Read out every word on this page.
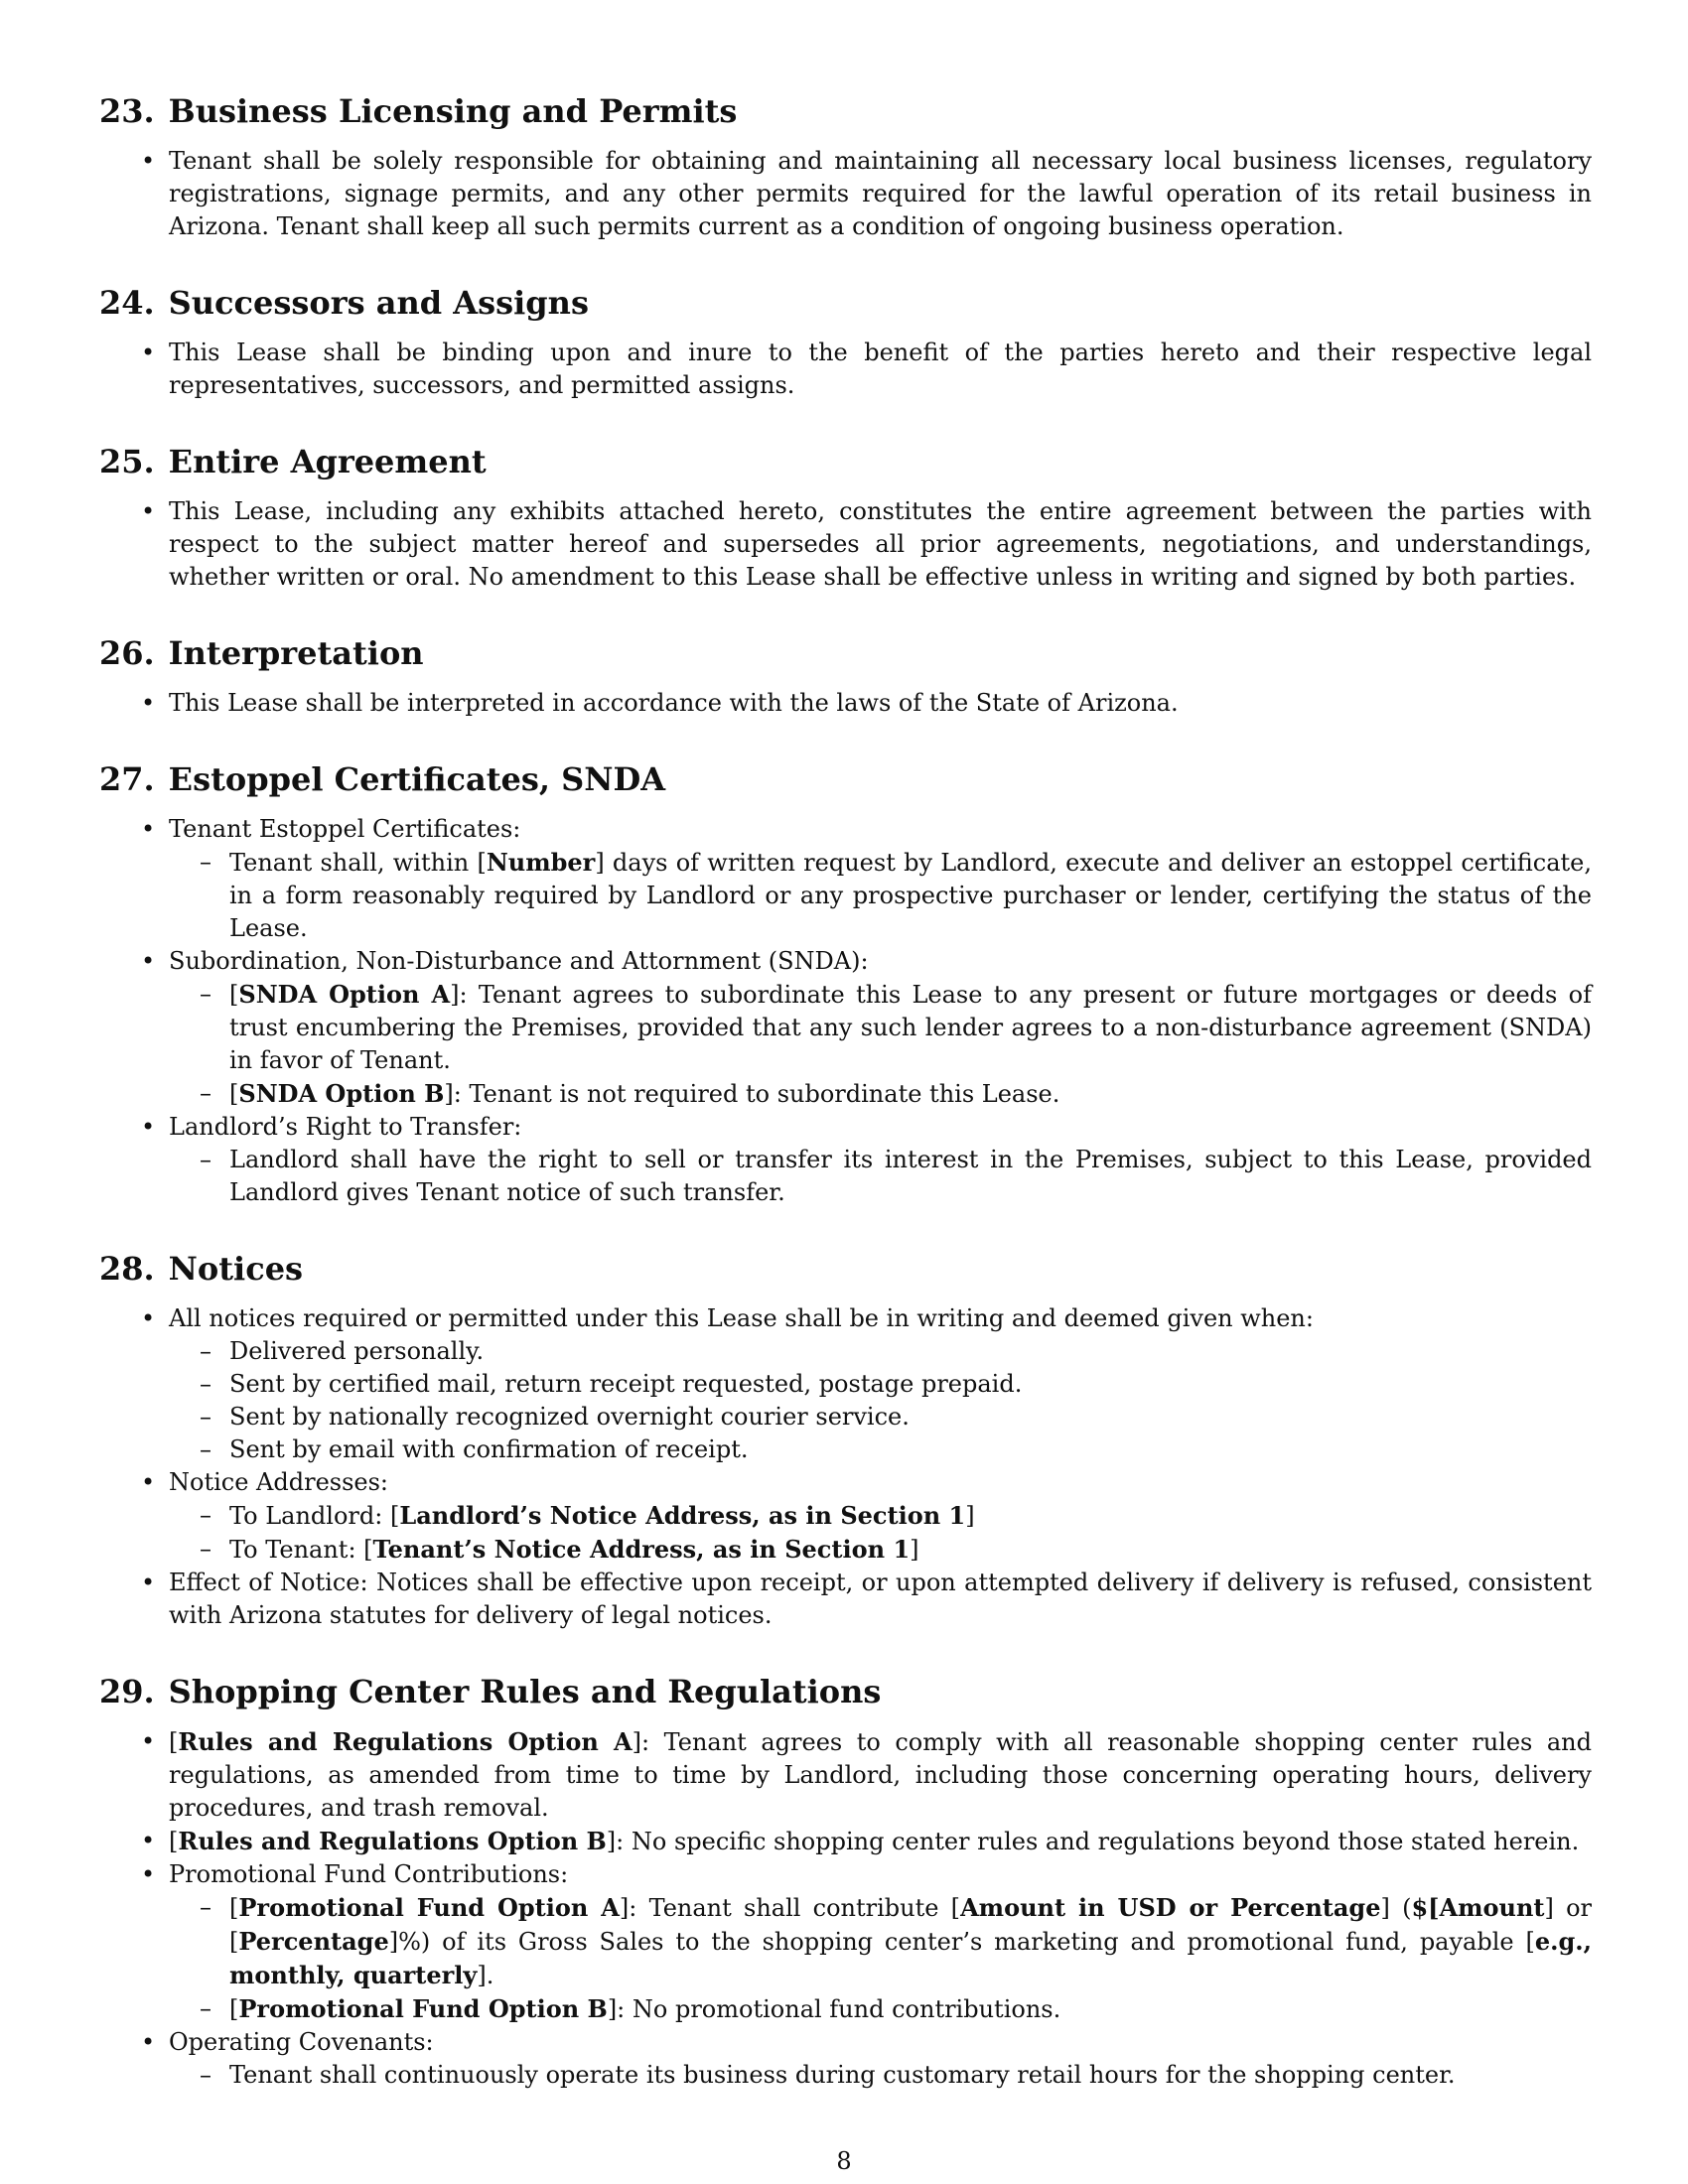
23. Business Licensing and Permits
• Tenant shall be solely responsible for obtaining and maintaining all necessary local business licenses, regulatory registrations, signage permits, and any other permits required for the lawful operation of its retail business in Arizona. Tenant shall keep all such permits current as a condition of ongoing business operation.
24. Successors and Assigns
• This Lease shall be binding upon and inure to the benefit of the parties hereto and their respective legal representatives, successors, and permitted assigns.
25. Entire Agreement
• This Lease, including any exhibits attached hereto, constitutes the entire agreement between the parties with respect to the subject matter hereof and supersedes all prior agreements, negotiations, and understandings, whether written or oral. No amendment to this Lease shall be effective unless in writing and signed by both parties.
26. Interpretation
• This Lease shall be interpreted in accordance with the laws of the State of Arizona.
27. Estoppel Certificates, SNDA
• Tenant Estoppel Certificates:
– Tenant shall, within [Number] days of written request by Landlord, execute and deliver an estoppel certificate, in a form reasonably required by Landlord or any prospective purchaser or lender, certifying the status of the Lease.
• Subordination, Non-Disturbance and Attornment (SNDA):
– [SNDA Option A]: Tenant agrees to subordinate this Lease to any present or future mortgages or deeds of trust encumbering the Premises, provided that any such lender agrees to a non-disturbance agreement (SNDA) in favor of Tenant.
– [SNDA Option B]: Tenant is not required to subordinate this Lease.
• Landlord’s Right to Transfer:
– Landlord shall have the right to sell or transfer its interest in the Premises, subject to this Lease, provided Landlord gives Tenant notice of such transfer.
28. Notices
• All notices required or permitted under this Lease shall be in writing and deemed given when:
– Delivered personally.
– Sent by certified mail, return receipt requested, postage prepaid.
– Sent by nationally recognized overnight courier service.
– Sent by email with confirmation of receipt.
• Notice Addresses:
– To Landlord: [Landlord’s Notice Address, as in Section 1]
– To Tenant: [Tenant’s Notice Address, as in Section 1]
• Effect of Notice: Notices shall be effective upon receipt, or upon attempted delivery if delivery is refused, consistent with Arizona statutes for delivery of legal notices.
29. Shopping Center Rules and Regulations
• [Rules and Regulations Option A]: Tenant agrees to comply with all reasonable shopping center rules and regulations, as amended from time to time by Landlord, including those concerning operating hours, delivery procedures, and trash removal.
• [Rules and Regulations Option B]: No specific shopping center rules and regulations beyond those stated herein.
• Promotional Fund Contributions:
– [Promotional Fund Option A]: Tenant shall contribute [Amount in USD or Percentage] ($[Amount] or [Percentage]%) of its Gross Sales to the shopping center’s marketing and promotional fund, payable [e.g., monthly, quarterly].
– [Promotional Fund Option B]: No promotional fund contributions.
• Operating Covenants:
– Tenant shall continuously operate its business during customary retail hours for the shopping center.
8
